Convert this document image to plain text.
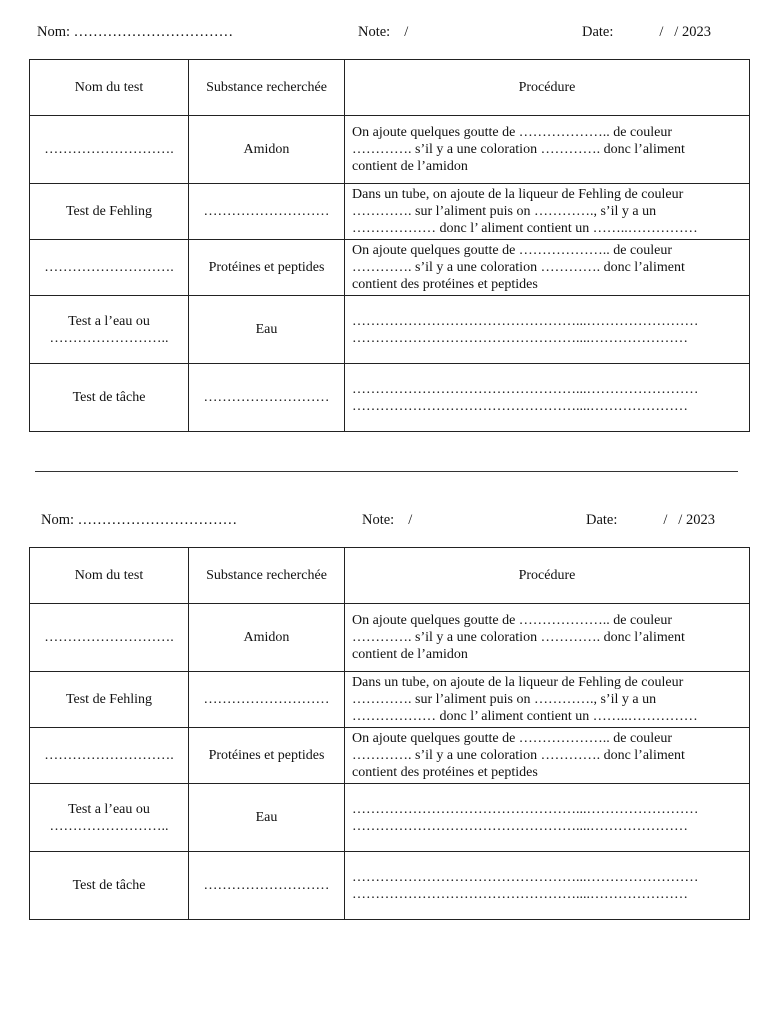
Nom: ……………………………	Note: /	Date:	/   / 2023
Nom du test	Substance recherchée	Procédure
……………………….	Amidon	On ajoute quelques goutte de ……………….. de couleur
…………. s’il y a une coloration …………. donc l’aliment
contient de l’amidon

Test de Fehling	………………………	Dans un tube, on ajoute de la liqueur de Fehling de couleur
…………. sur l’aliment puis on …………., s’il y a un
……………… donc l’ aliment contient un ……..……………

……………………….	Protéines et peptides	On ajoute quelques goutte de ……………….. de couleur
…………. s’il y a une coloration …………. donc l’aliment
contient des protéines et peptides

Test a l’eau ou
……………………..	Eau	…………………………………………...……………………
…………………………………………....…………………

Test de tâche	………………………	…………………………………………...……………………
…………………………………………....…………………
Nom: ……………………………	Note: /	Date:	/   / 2023
Nom du test	Substance recherchée	Procédure
……………………….	Amidon	On ajoute quelques goutte de ……………….. de couleur
…………. s’il y a une coloration …………. donc l’aliment
contient de l’amidon

Test de Fehling	………………………	Dans un tube, on ajoute de la liqueur de Fehling de couleur
…………. sur l’aliment puis on …………., s’il y a un
……………… donc l’ aliment contient un ……..……………

……………………….	Protéines et peptides	On ajoute quelques goutte de ……………….. de couleur
…………. s’il y a une coloration …………. donc l’aliment
contient des protéines et peptides

Test a l’eau ou
……………………..	Eau	…………………………………………...……………………
…………………………………………....…………………

Test de tâche	………………………	…………………………………………...……………………
…………………………………………....…………………
